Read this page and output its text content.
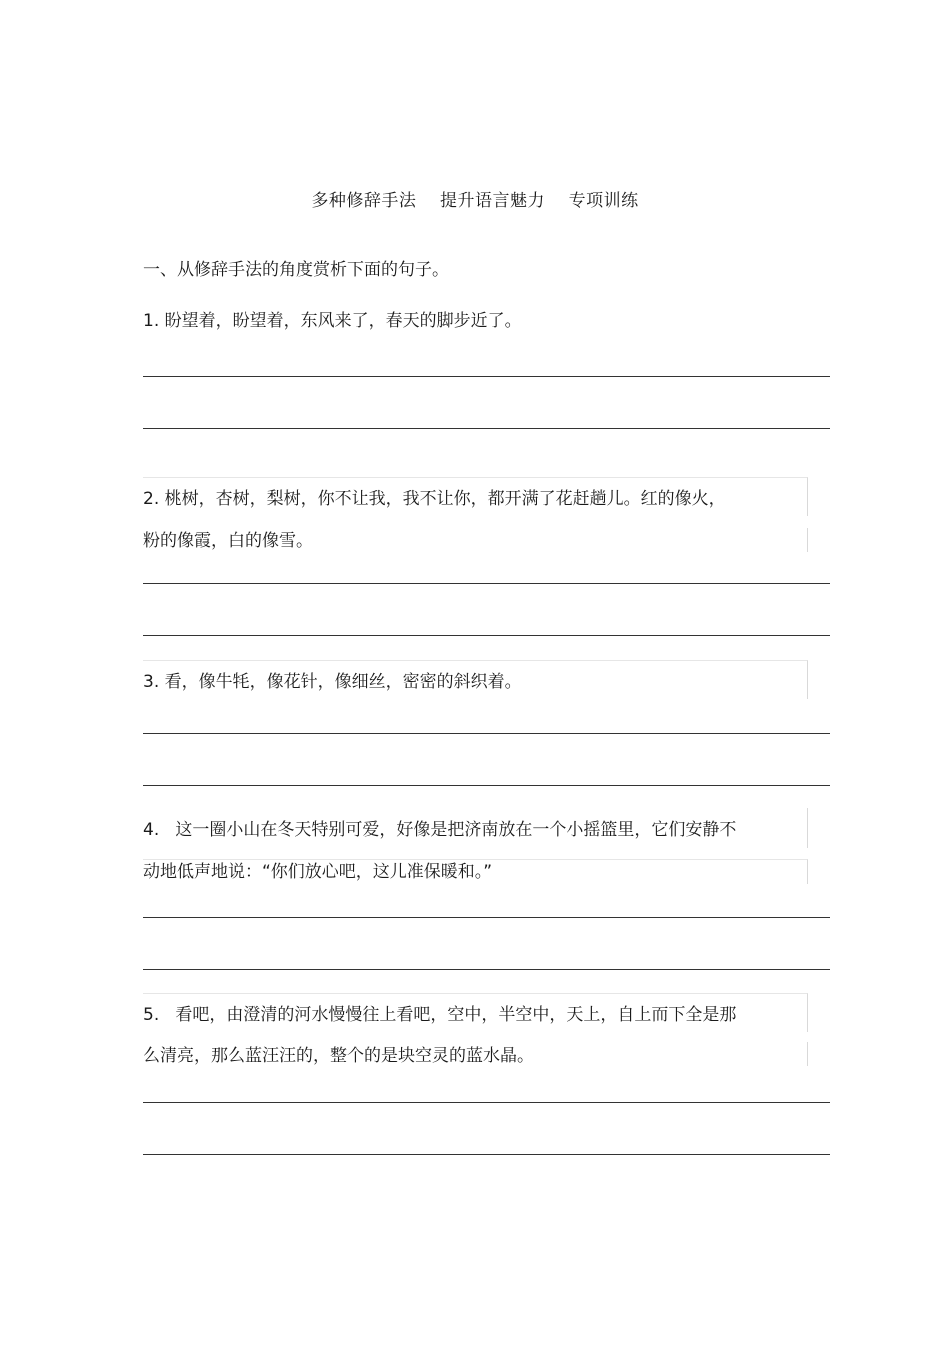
多种修辞手法    提升语言魅力    专项训练
一、从修辞手法的角度赏析下面的句子。
1. 盼望着，盼望着，东风来了，春天的脚步近了。
2. 桃树，杏树，梨树，你不让我，我不让你，都开满了花赶趟儿。红的像火，
粉的像霞，白的像雪。
3. 看，像牛牦，像花针，像细丝，密密的斜织着。
4.   这一圈小山在冬天特别可爱，好像是把济南放在一个小摇篮里，它们安静不
动地低声地说：“你们放心吧，这儿准保暖和。”
5.   看吧，由澄清的河水慢慢往上看吧，空中，半空中，天上，自上而下全是那
么清亮，那么蓝汪汪的，整个的是块空灵的蓝水晶。
